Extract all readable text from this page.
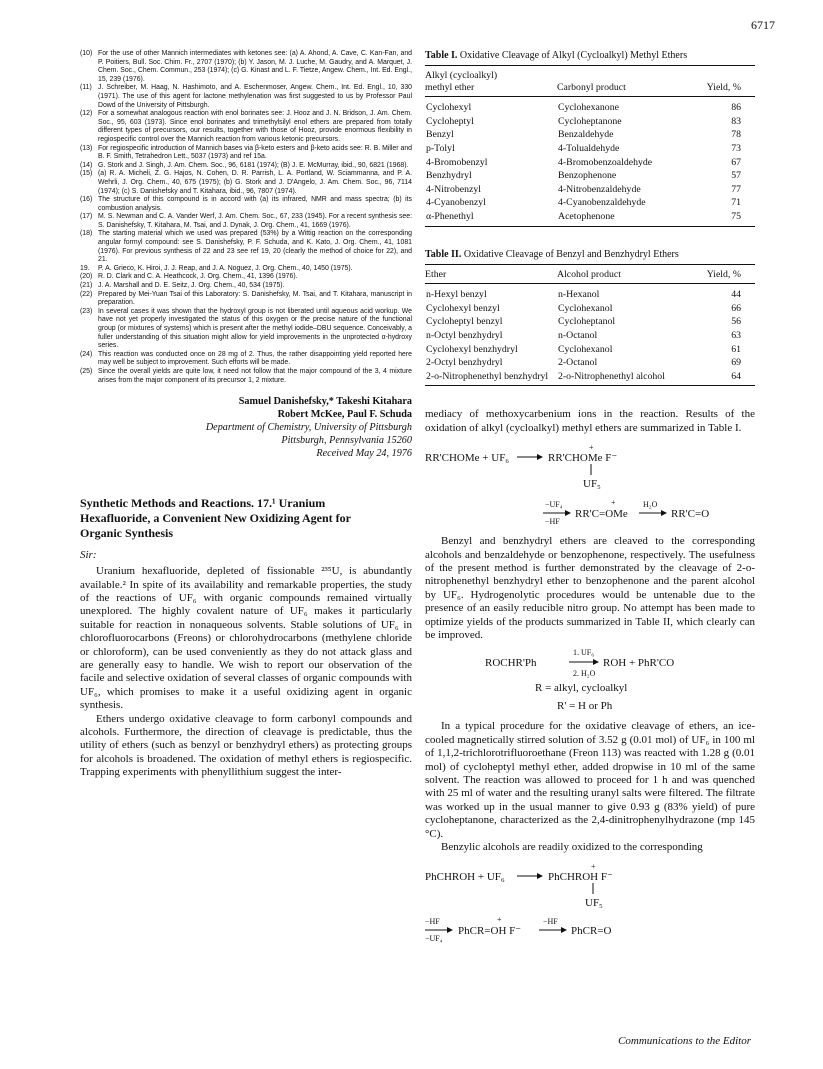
6717
(10) For the use of other Mannich intermediates with ketones see: (a) A. Ahond, A. Cave, C. Kan-Fan, and P. Poitiers, Bull. Soc. Chim. Fr., 2707 (1970); (b) Y. Jason, M. J. Luche, M. Gaudry, and A. Marquet, J. Chem. Soc., Chem. Commun., 253 (1974); (c) G. Kinast and L. F. Tietze, Angew. Chem., Int. Ed. Engl., 15, 239 (1976).
(11) J. Schreiber, M. Haag, N. Hashimoto, and A. Eschenmoser, Angew. Chem., Int. Ed. Engl., 10, 330 (1971). The use of this agent for lactone methylenation was first suggested to us by Professor Paul Dowd of the University of Pittsburgh.
(12) For a somewhat analogous reaction with enol borinates see: J. Hooz and J. N. Bridson, J. Am. Chem. Soc., 95, 603 (1973). Since enol borinates and trimethylsilyl enol ethers are prepared from totally different types of precursors, our results, together with those of Hooz, provide enormous flexibility in regiospecific control over the Mannich reaction from various ketonic precursors.
(13) For regiospecific introduction of Mannich bases via β-keto esters and β-keto acids see: R. B. Miller and B. F. Smith, Tetrahedron Lett., 5037 (1973) and ref 15a.
(14) G. Stork and J. Singh, J. Am. Chem. Soc., 96, 6181 (1974); (B) J. E. McMurray, ibid., 90, 6821 (1968).
(15) (a) R. A. Micheli, Z. G. Hajos, N. Cohen, D. R. Parrish, L. A. Portland, W. Sciammanna, and P. A. Wehrli, J. Org. Chem., 40, 675 (1975); (b) G. Stork and J. D'Angelo, J. Am. Chem. Soc., 96, 7114 (1974); (c) S. Danishefsky and T. Kitahara, ibid., 96, 7807 (1974).
(16) The structure of this compound is in accord with (a) its infrared, NMR and mass spectra; (b) its combustion analysis.
(17) M. S. Newman and C. A. Vander Werf, J. Am. Chem. Soc., 67, 233 (1945). For a recent synthesis see: S. Danishefsky, T. Kitahara, M. Tsai, and J. Dynak, J. Org. Chem., 41, 1669 (1976).
(18) The starting material which we used was prepared (53%) by a Wittig reaction on the corresponding angular formyl compound: see S. Danishefsky, P. F. Schuda, and K. Kato, J. Org. Chem., 41, 1081 (1976). For previous synthesis of 22 and 23 see ref 19, 20 (clearly the method of choice for 22), and 21.
19.	P. A. Grieco, K. Hiroi, J. J. Reap, and J. A. Noguez, J. Org. Chem., 40, 1450 (1975).
(20) R. D. Clark and C. A. Heathcock, J. Org. Chem., 41, 1396 (1976).
(21) J. A. Marshall and D. E. Seitz, J. Org. Chem., 40, 534 (1975).
(22) Prepared by Mei-Yuan Tsai of this Laboratory: S. Danishefsky, M. Tsai, and T. Kitahara, manuscript in preparation.
(23) In several cases it was shown that the hydroxyl group is not liberated until aqueous acid workup. We have not yet properly investigated the status of this oxygen or the precise nature of the functional group (or mixtures of systems) which is present after the methyl iodide–DBU sequence. Conceivably, a fuller understanding of this situation might allow for yield improvements in the unprotected α-hydroxy series.
(24) This reaction was conducted once on 28 mg of 2. Thus, the rather disappointing yield reported here may well be subject to improvement. Such efforts will be made.
(25) Since the overall yields are quite low, it need not follow that the major compound of the 3, 4 mixture arises from the major component of its precursor 1, 2 mixture.
Samuel Danishefsky,* Takeshi Kitahara
Robert McKee, Paul F. Schuda
Department of Chemistry, University of Pittsburgh
Pittsburgh, Pennsylvania 15260
Received May 24, 1976
Synthetic Methods and Reactions. 17.¹ Uranium
Hexafluoride, a Convenient New Oxidizing Agent for
Organic Synthesis
Sir:

Uranium hexafluoride, depleted of fissionable ²³⁵U, is abundantly available.² In spite of its availability and remarkable properties, the study of the reactions of UF₆ with organic compounds remained virtually unexplored. The highly covalent nature of UF₆ makes it particularly suitable for reaction in nonaqueous solvents. Stable solutions of UF₆ in chlorofluorocarbons (Freons) or chlorohydrocarbons (methylene chloride or chloroform), can be used conveniently as they do not attack glass and are generally easy to handle. We wish to report our observation of the facile and selective oxidation of several classes of organic compounds with UF₆, which promises to make it a useful oxidizing agent in organic synthesis.

Ethers undergo oxidative cleavage to form carbonyl compounds and alcohols. Furthermore, the direction of cleavage is predictable, thus the utility of ethers (such as benzyl or benzhydryl ethers) as protecting groups for alcohols is broadened. The oxidation of methyl ethers is regiospecific. Trapping experiments with phenyllithium suggest the inter-

Table I. Oxidative Cleavage of Alkyl (Cycloalkyl) Methyl Ethers
Alkyl (cycloalkyl)
methyl ether	Carbonyl product	Yield, %
Cyclohexyl	Cyclohexanone	86
Cycloheptyl	Cycloheptanone	83
Benzyl	Benzaldehyde	78
p-Tolyl	4-Tolualdehyde	73
4-Bromobenzyl	4-Bromobenzoaldehyde	67
Benzhydryl	Benzophenone	57
4-Nitrobenzyl	4-Nitrobenzaldehyde	77
4-Cyanobenzyl	4-Cyanobenzaldehyde	71
α-Phenethyl	Acetophenone	75
Table II. Oxidative Cleavage of Benzyl and Benzhydryl Ethers
Ether	Alcohol product	Yield, %
n-Hexyl benzyl	n-Hexanol	44
Cyclohexyl benzyl	Cyclohexanol	66
Cycloheptyl benzyl	Cycloheptanol	56
n-Octyl benzhydryl	n-Octanol	63
Cyclohexyl benzhydryl	Cyclohexanol	61
2-Octyl benzhydryl	2-Octanol	69
2-o-Nitrophenethyl benzhydryl	2-o-Nitrophenethyl alcohol	64

mediacy of methoxycarbenium ions in the reaction. Results of the oxidation of alkyl (cycloalkyl) methyl ethers are summarized in Table I.

RR'CHOMe + UF₆	RR'CHOMe F⁻
+
UF₅
−UF₄
−HF
RR'C=OMe
+	H₂O
RR'C=O

Benzyl and benzhydryl ethers are cleaved to the corresponding alcohols and benzaldehyde or benzophenone, respectively. The usefulness of the present method is further demonstrated by the cleavage of 2-o-nitrophenethyl benzhydryl ether to benzophenone and the parent alcohol by UF₆. Hydrogenolytic procedures would be untenable due to the presence of an easily reducible nitro group. No attempt has been made to optimize yields of the products summarized in Table II, which clearly can be improved.

ROCHR'Ph
1. UF₆
2. H₂O
ROH + PhR'CO
R = alkyl, cycloalkyl
R' = H or Ph

In a typical procedure for the oxidative cleavage of ethers, an ice-cooled magnetically stirred solution of 3.52 g (0.01 mol) of UF₆ in 100 ml of 1,1,2-trichlorotrifluoroethane (Freon 113) was reacted with 1.28 g (0.01 mol) of cycloheptyl methyl ether, added dropwise in 10 ml of the same solvent. The reaction was allowed to proceed for 1 h and was quenched with 25 ml of water and the resulting uranyl salts were filtered. The filtrate was worked up in the usual manner to give 0.93 g (83% yield) of pure cycloheptanone, characterized as the 2,4-dinitrophenylhydrazone (mp 145 °C).

Benzylic alcohols are readily oxidized to the corresponding

PhCHROH + UF₆	PhCHROH F⁻
+
UF₅
−HF
−UF₄
PhCR=OH F⁻
+	−HF
PhCR=O
Communications to the Editor
